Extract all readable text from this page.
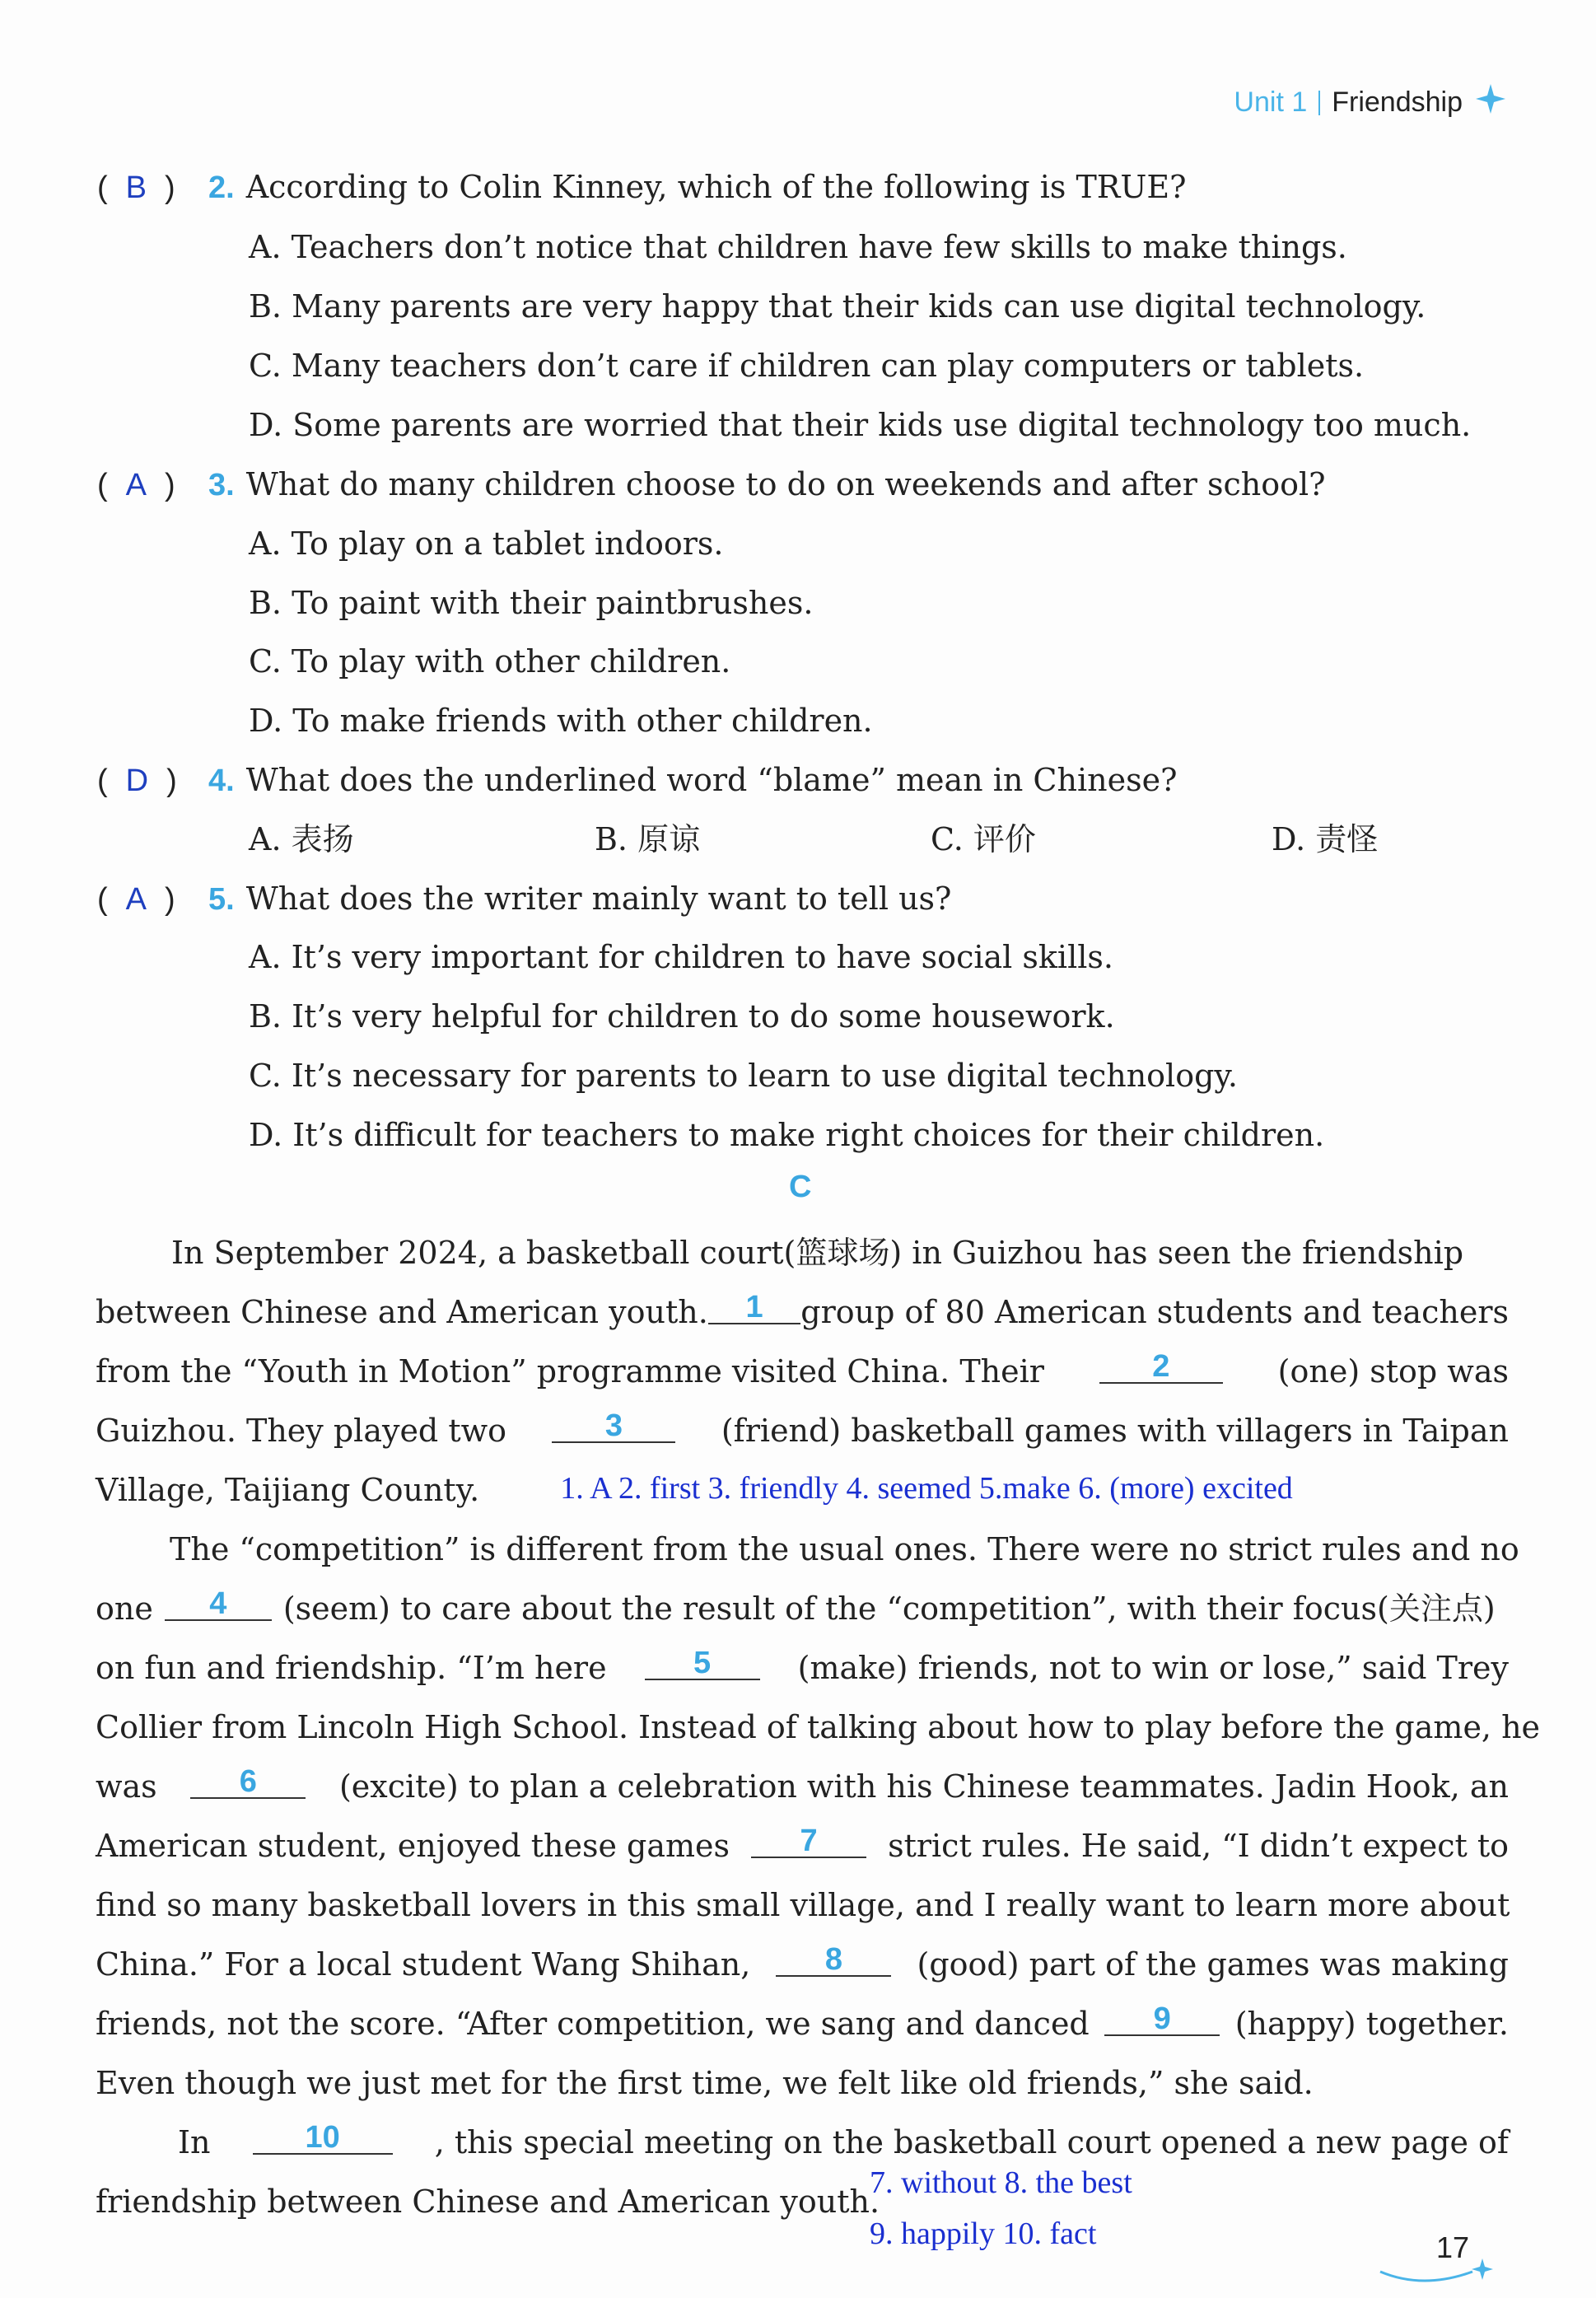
Unit 1 Friendship
( B ) 2. According to Colin Kinney, which of the following is TRUE?
A. Teachers don’t notice that children have few skills to make things.
B. Many parents are very happy that their kids can use digital technology.
C. Many teachers don’t care if children can play computers or tablets.
D. Some parents are worried that their kids use digital technology too much.
( A ) 3. What do many children choose to do on weekends and after school?
A. To play on a tablet indoors.
B. To paint with their paintbrushes.
C. To play with other children.
D. To make friends with other children.
( D ) 4. What does the underlined word “blame” mean in Chinese?
A. 表扬	B. 原谅	C. 评价	D. 责怪
( A ) 5. What does the writer mainly want to tell us?
A. It’s very important for children to have social skills.
B. It’s very helpful for children to do some housework.
C. It’s necessary for parents to learn to use digital technology.
D. It’s difficult for teachers to make right choices for their children.
C
In September 2024, a basketball court(篮球场) in Guizhou has seen the friendship
between Chinese and American youth.	1	group of 80 American students and teachers
from the “Youth in Motion” programme visited China. Their	2	(one) stop was
Guizhou. They played two	3	(friend) basketball games with villagers in Taipan
Village, Taijiang County.	1. A 2. first 3. friendly 4. seemed 5.make 6. (more) excited
The “competition” is different from the usual ones. There were no strict rules and no
one	4	(seem) to care about the result of the “competition”, with their focus(关注点)
on fun and friendship. “I’m here	5	(make) friends, not to win or lose,” said Trey
Collier from Lincoln High School. Instead of talking about how to play before the game, he
was	6	(excite) to plan a celebration with his Chinese teammates. Jadin Hook, an
American student, enjoyed these games	7	strict rules. He said, “I didn’t expect to
find so many basketball lovers in this small village, and I really want to learn more about
China.” For a local student Wang Shihan,	8	(good) part of the games was making
friends, not the score. “After competition, we sang and danced	9	(happy) together.
Even though we just met for the first time, we felt like old friends,” she said.
In	10	, this special meeting on the basketball court opened a new page of
friendship between Chinese and American youth.
7. without 8. the best
9. happily 10. fact	17
